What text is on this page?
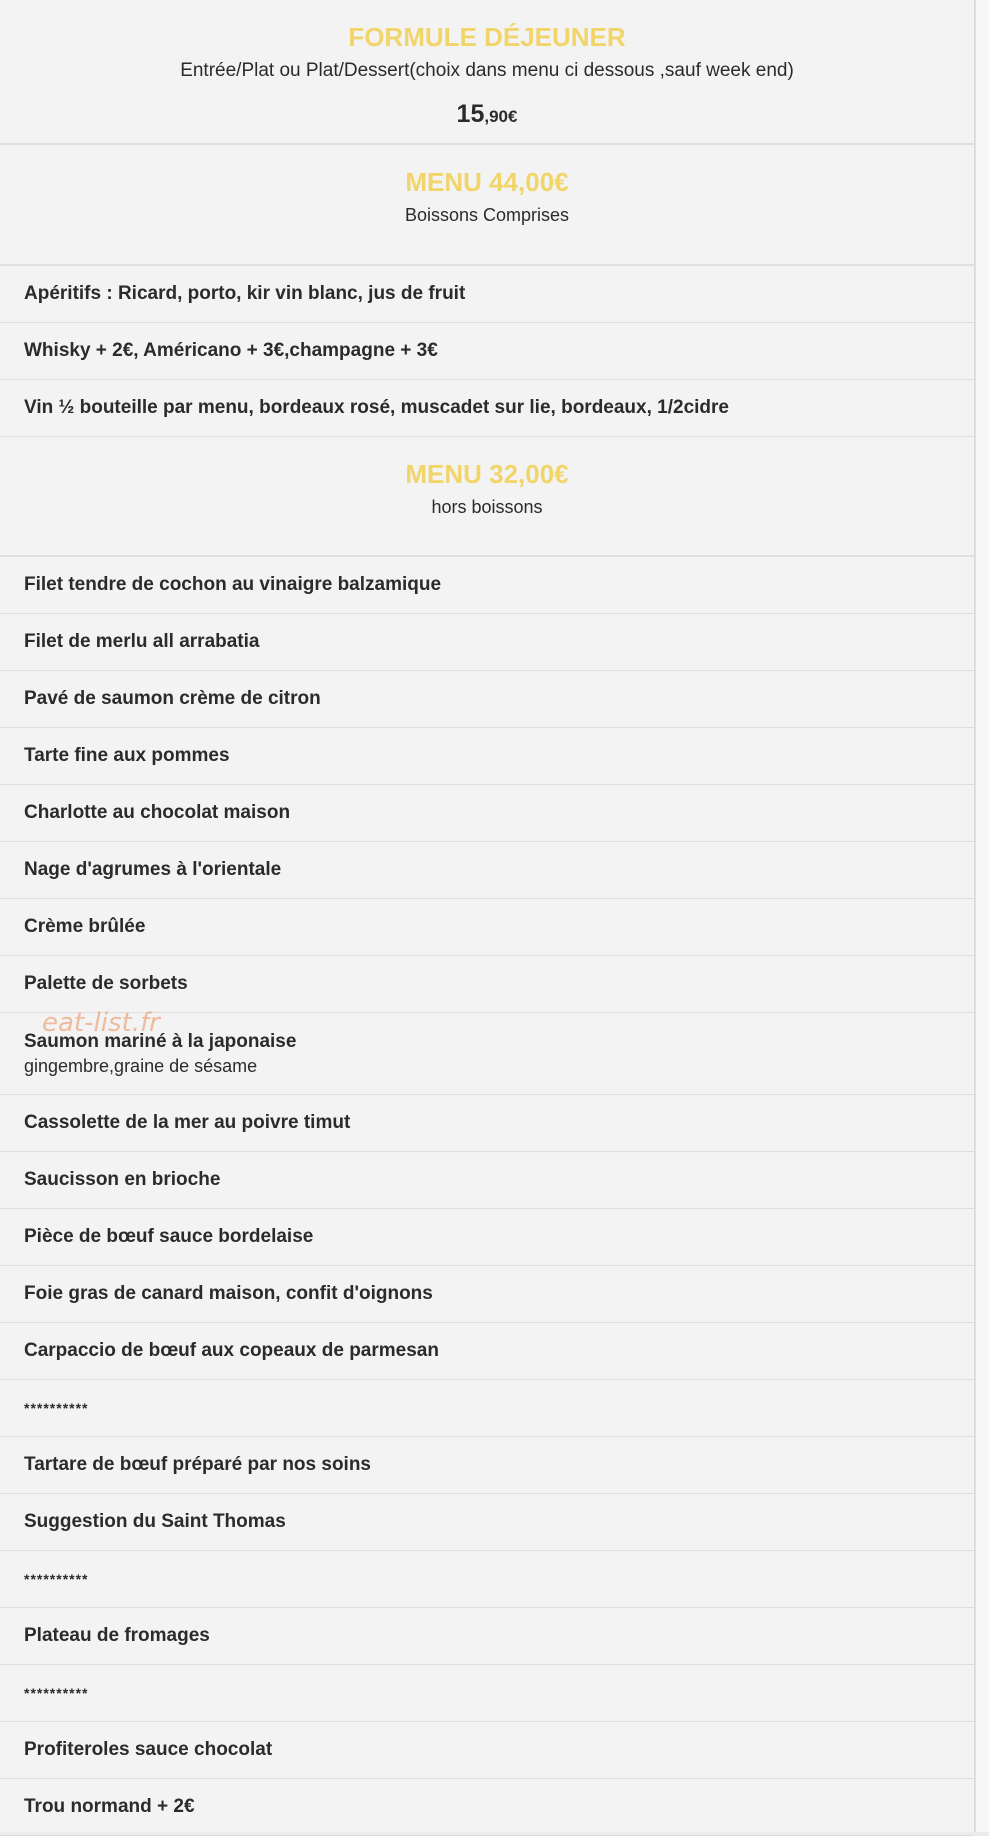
FORMULE DÉJEUNER
Entrée/Plat ou Plat/Dessert(choix dans menu ci dessous ,sauf week end)
15,90€
MENU 44,00€
Boissons Comprises
Apéritifs : Ricard, porto, kir vin blanc, jus de fruit
Whisky + 2€, Américano + 3€,champagne + 3€
Vin ½ bouteille par menu, bordeaux rosé, muscadet sur lie, bordeaux, 1/2cidre
MENU 32,00€
hors boissons
Filet tendre de cochon au vinaigre balzamique
Filet de merlu all arrabatia
Pavé de saumon crème de citron
Tarte fine aux pommes
Charlotte au chocolat maison
Nage d'agrumes à l'orientale
Crème brûlée
Palette de sorbets
Saumon mariné à la japonaise
gingembre,graine de sésame
Cassolette de la mer au poivre timut
Saucisson en brioche
Pièce de bœuf sauce bordelaise
Foie gras de canard maison, confit d'oignons
Carpaccio de bœuf aux copeaux de parmesan
**********
Tartare de bœuf préparé par nos soins
Suggestion du Saint Thomas
**********
Plateau de fromages
**********
Profiteroles sauce chocolat
Trou normand + 2€
eat-list.fr
